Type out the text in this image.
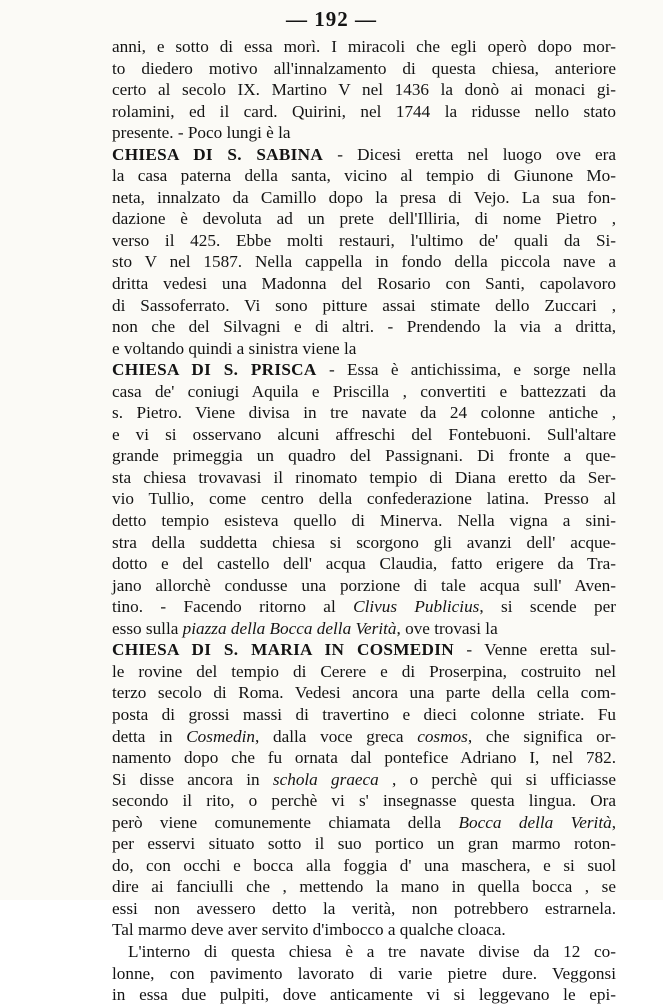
— 192 —
anni, e sotto di essa morì. I miracoli che egli operò dopo mor-
to diedero motivo all'innalzamento di questa chiesa, anteriore
certo al secolo IX. Martino V nel 1436 la donò ai monaci gi-
rolamini, ed il card. Quirini, nel 1744 la ridusse nello stato
presente. - Poco lungi è la
CHIESA DI S. SABINA - Dicesi eretta nel luogo ove era
la casa paterna della santa, vicino al tempio di Giunone Mo-
neta, innalzato da Camillo dopo la presa di Vejo. La sua fon-
dazione è devoluta ad un prete dell'Illiria, di nome Pietro ,
verso il 425. Ebbe molti restauri, l'ultimo de' quali da Si-
sto V nel 1587. Nella cappella in fondo della piccola nave a
dritta vedesi una Madonna del Rosario con Santi, capolavoro
di Sassoferrato. Vi sono pitture assai stimate dello Zuccari ,
non che del Silvagni e di altri. - Prendendo la via a dritta,
e voltando quindi a sinistra viene la
CHIESA DI S. PRISCA - Essa è antichissima, e sorge nella
casa de' coniugi Aquila e Priscilla , convertiti e battezzati da
s. Pietro. Viene divisa in tre navate da 24 colonne antiche ,
e vi si osservano alcuni affreschi del Fontebuoni. Sull'altare
grande primeggia un quadro del Passignani. Di fronte a que-
sta chiesa trovavasi il rinomato tempio di Diana eretto da Ser-
vio Tullio, come centro della confederazione latina. Presso al
detto tempio esisteva quello di Minerva. Nella vigna a sini-
stra della suddetta chiesa si scorgono gli avanzi dell' acque-
dotto e del castello dell' acqua Claudia, fatto erigere da Tra-
jano allorchè condusse una porzione di tale acqua sull' Aven-
tino. - Facendo ritorno al Clivus Publicius, si scende per
esso sulla piazza della Bocca della Verità, ove trovasi la
CHIESA DI S. MARIA IN COSMEDIN - Venne eretta sul-
le rovine del tempio di Cerere e di Proserpina, costruito nel
terzo secolo di Roma. Vedesi ancora una parte della cella com-
posta di grossi massi di travertino e dieci colonne striate. Fu
detta in Cosmedin, dalla voce greca cosmos, che significa or-
namento dopo che fu ornata dal pontefice Adriano I, nel 782.
Si disse ancora in schola graeca , o perchè qui si ufficiasse
secondo il rito, o perchè vi s' insegnasse questa lingua. Ora
però viene comunemente chiamata della Bocca della Verità,
per esservi situato sotto il suo portico un gran marmo roton-
do, con occhi e bocca alla foggia d' una maschera, e si suol
dire ai fanciulli che , mettendo la mano in quella bocca , se
essi non avessero detto la verità, non potrebbero estrarnela.
Tal marmo deve aver servito d'imbocco a qualche cloaca.
L'interno di questa chiesa è a tre navate divise da 12 co-
lonne, con pavimento lavorato di varie pietre dure. Veggonsi
in essa due pulpiti, dove anticamente vi si leggevano le epi-
